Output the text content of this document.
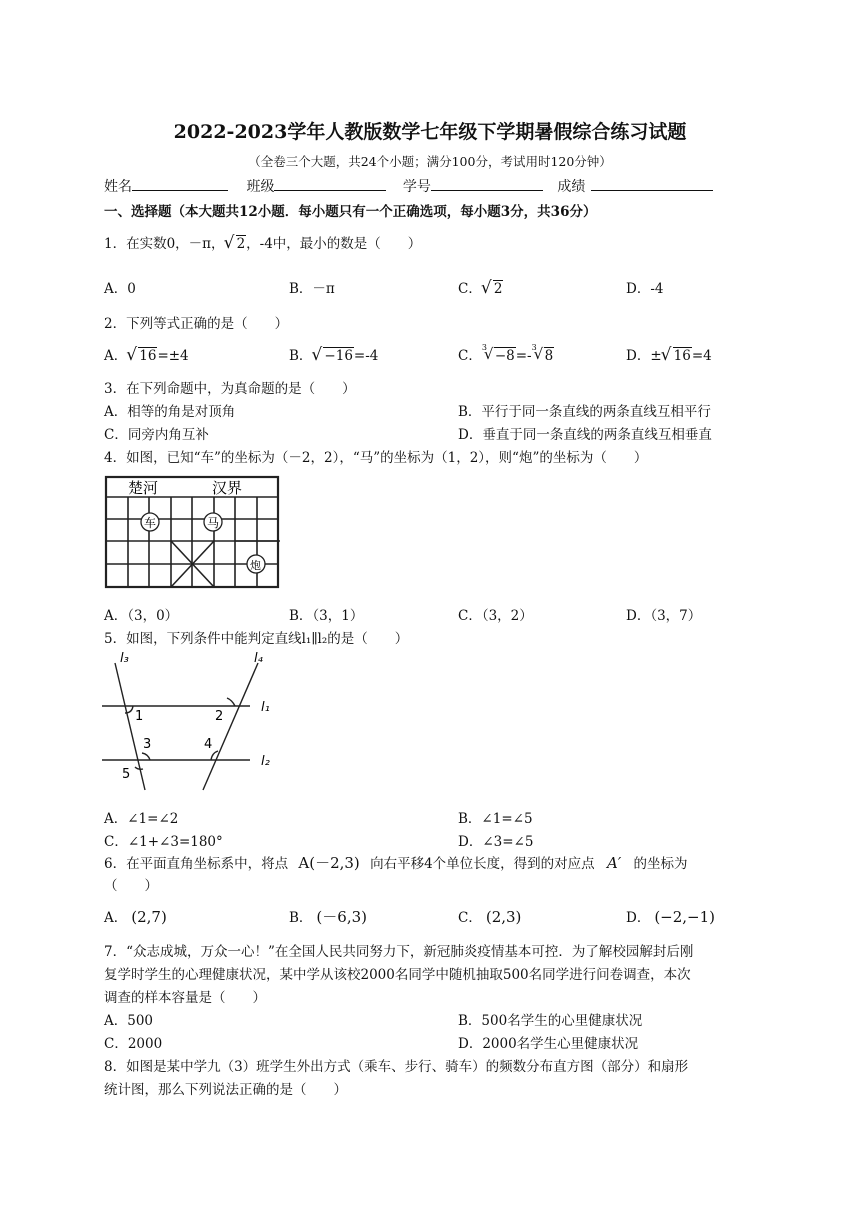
2022-2023学年人教版数学七年级下学期暑假综合练习试题
（全卷三个大题，共24个小题；满分100分，考试用时120分钟）
姓名	班级	学号	成绩
一、选择题（本大题共12小题．每小题只有一个正确选项，每小题3分，共36分）
1．在实数0，－π， √ 2，-4中，最小的数是（　　）
A．0	B．－π	C． √ 2	D．-4
2．下列等式正确的是（　　）
A． √ 16=±4	B． √ −16=-4	C．
√ 3
−8=-
√ 3
8	D．± √ 16=4
3．在下列命题中，为真命题的是（　　）
A．相等的角是对顶角	B．平行于同一条直线的两条直线互相平行
C．同旁内角互补	D．垂直于同一条直线的两条直线互相垂直
4．如图，已知“车”的坐标为（－2，2），“马”的坐标为（1，2），则“炮”的坐标为（　　）
楚河	汉界
车	马
炮
A．（3，0）	B．（3，1）	C．（3，2）	D．（3，7）
5．如图，下列条件中能判定直线l₁∥l₂的是（　　）
l₃	l₄
l₁
l₂
1	2
3	4
5
A．∠1=∠2	B．∠1=∠5
C．∠1+∠3=180°	D．∠3=∠5
6．在平面直角坐标系中，将点 A(－2,3) 向右平移4个单位长度，得到的对应点 A′ 的坐标为
（　　）
A． (2,7)	B． (－6,3)	C． (2,3)	D． (−2,−1)
7．“众志成城，万众一心！”在全国人民共同努力下，新冠肺炎疫情基本可控．为了解校园解封后刚
复学时学生的心理健康状况，某中学从该校2000名同学中随机抽取500名同学进行问卷调查，本次
调查的样本容量是（　　）
A．500	B．500名学生的心里健康状况
C．2000	D．2000名学生心里健康状况
8．如图是某中学九（3）班学生外出方式（乘车、步行、骑车）的频数分布直方图（部分）和扇形
统计图，那么下列说法正确的是（　　）
